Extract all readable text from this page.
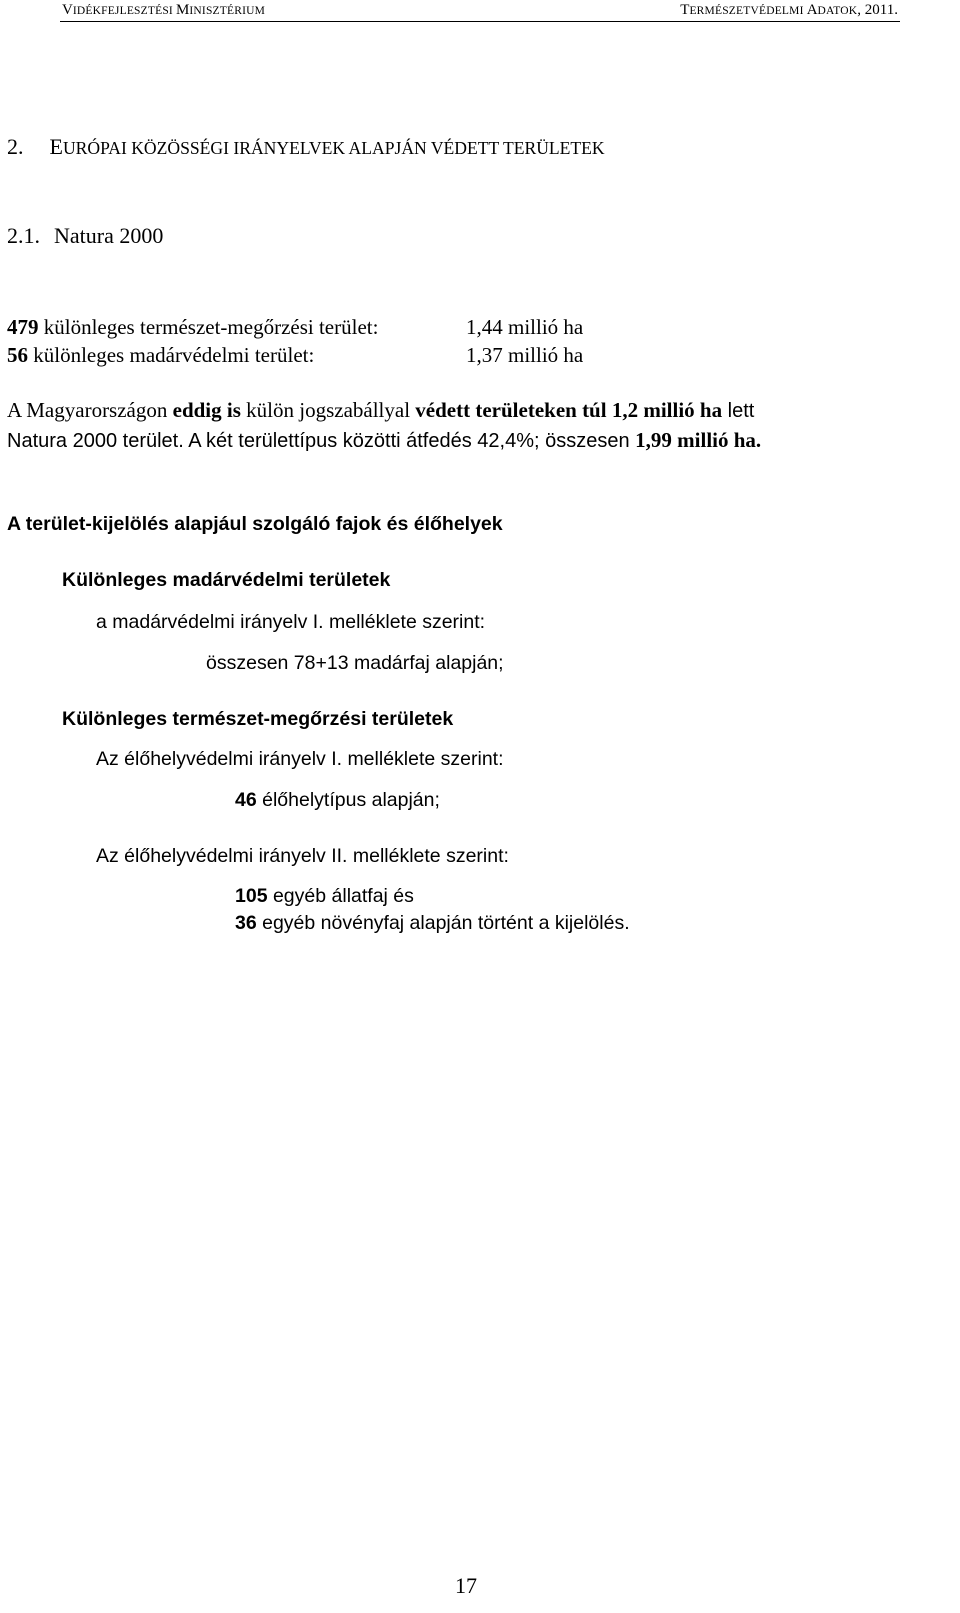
VIDÉKFEJLESZTÉSI MINISZTÉRIUM	TERMÉSZETVÉDELMI ADATOK, 2011.
2. EURÓPAI KÖZÖSSÉGI IRÁNYELVEK ALAPJÁN VÉDETT TERÜLETEK
2.1. Natura 2000
479 különleges természet-megőrzési terület:	1,44 millió ha
56 különleges madárvédelmi terület:	1,37 millió ha
A Magyarországon eddig is külön jogszabállyal védett területeken túl 1,2 millió ha lett
Natura 2000 terület. A két területtípus közötti átfedés 42,4%; összesen 1,99 millió ha.
A terület-kijelölés alapjául szolgáló fajok és élőhelyek
Különleges madárvédelmi területek
a madárvédelmi irányelv I. melléklete szerint:
összesen 78+13 madárfaj alapján;
Különleges természet-megőrzési területek
Az élőhelyvédelmi irányelv I. melléklete szerint:
46 élőhelytípus alapján;
Az élőhelyvédelmi irányelv II. melléklete szerint:
105 egyéb állatfaj és
36 egyéb növényfaj alapján történt a kijelölés.
17
